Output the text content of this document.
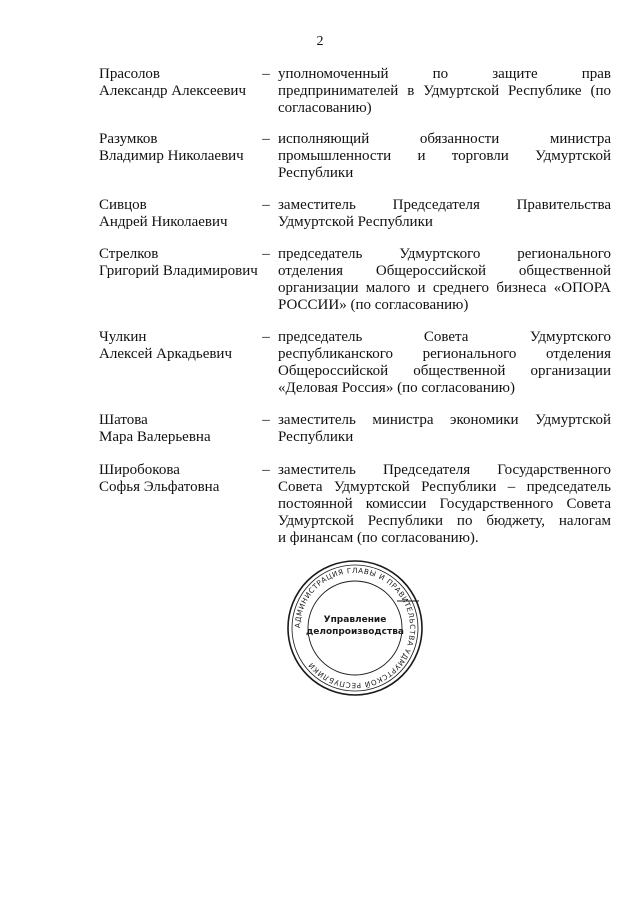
2
Прасолов
Александр Алексеевич
– уполномоченный по защите прав
предпринимателей в Удмуртской Республике (по
согласованию)
Разумков
Владимир Николаевич
– исполняющий обязанности министра
промышленности и торговли Удмуртской
Республики
Сивцов
Андрей Николаевич
– заместитель Председателя Правительства
Удмуртской Республики
Стрелков
Григорий Владимирович
– председатель Удмуртского регионального
отделения Общероссийской общественной
организации малого и среднего бизнеса «ОПОРА
РОССИИ» (по согласованию)
Чулкин
Алексей Аркадьевич
– председатель Совета Удмуртского
республиканского регионального отделения
Общероссийской общественной организации
«Деловая Россия» (по согласованию)
Шатова
Мара Валерьевна
– заместитель министра экономики Удмуртской
Республики
Широбокова
Софья Эльфатовна
– заместитель Председателя Государственного
Совета Удмуртской Республики – председатель
постоянной комиссии Государственного Совета
Удмуртской Республики по бюджету, налогам
и финансам (по согласованию).
АДМИНИСТРАЦИЯ ГЛАВЫ И ПРАВИТЕЛЬСТВА УДМУРТСКОЙ РЕСПУБЛИКИ
Управление
делопроизводства
